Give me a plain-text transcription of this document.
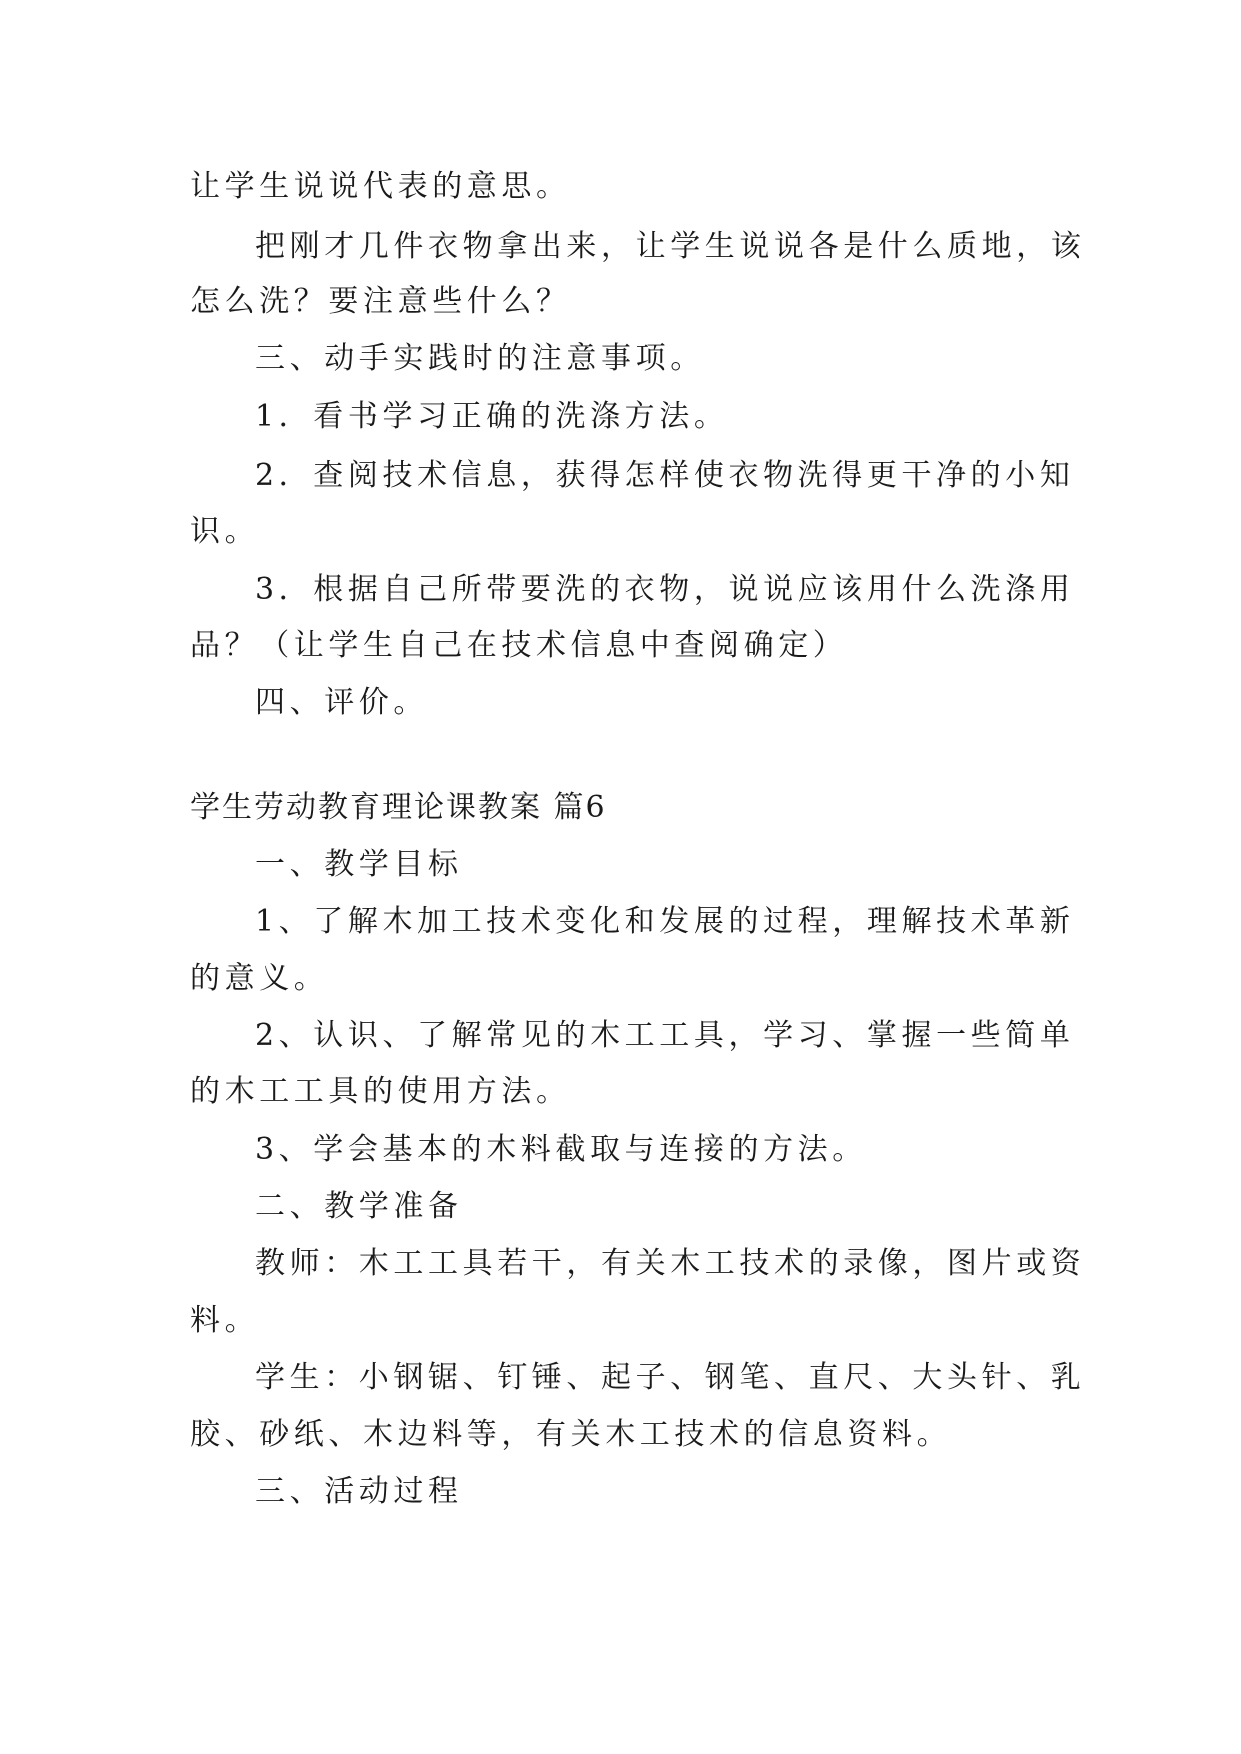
让学生说说代表的意思。
把刚才几件衣物拿出来，让学生说说各是什么质地，该
怎么洗？要注意些什么？
三、动手实践时的注意事项。
1．看书学习正确的洗涤方法。
2．查阅技术信息，获得怎样使衣物洗得更干净的小知
识。
3．根据自己所带要洗的衣物，说说应该用什么洗涤用
品？（让学生自己在技术信息中查阅确定）
四、评价。
学生劳动教育理论课教案 篇6
一、教学目标
1、了解木加工技术变化和发展的过程，理解技术革新
的意义。
2、认识、了解常见的木工工具，学习、掌握一些简单
的木工工具的使用方法。
3、学会基本的木料截取与连接的方法。
二、教学准备
教师：木工工具若干，有关木工技术的录像，图片或资
料。
学生：小钢锯、钉锤、起子、钢笔、直尺、大头针、乳
胶、砂纸、木边料等，有关木工技术的信息资料。
三、活动过程
